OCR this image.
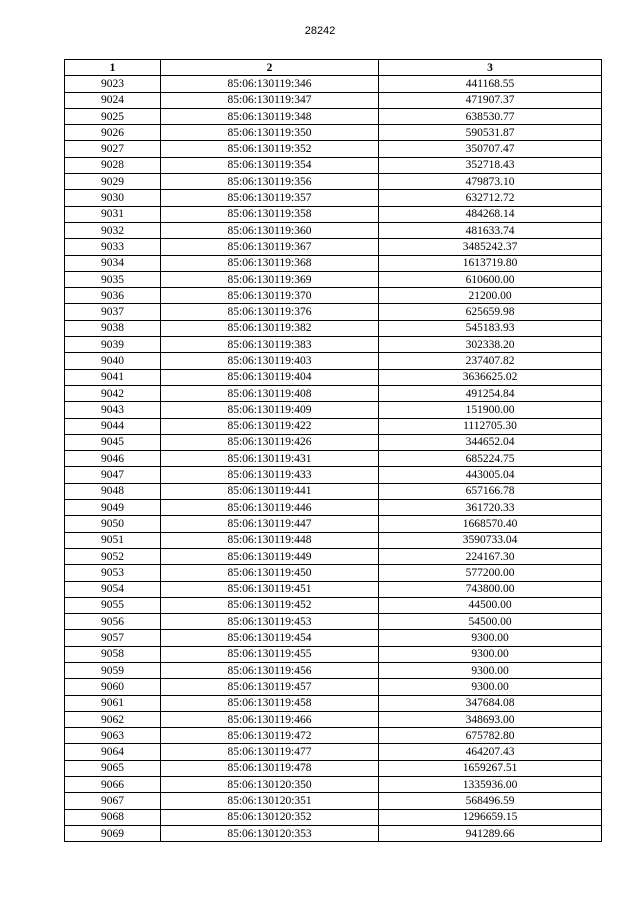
28242
1	2	3
9023	85:06:130119:346	441168.55
9024	85:06:130119:347	471907.37
9025	85:06:130119:348	638530.77
9026	85:06:130119:350	590531.87
9027	85:06:130119:352	350707.47
9028	85:06:130119:354	352718.43
9029	85:06:130119:356	479873.10
9030	85:06:130119:357	632712.72
9031	85:06:130119:358	484268.14
9032	85:06:130119:360	481633.74
9033	85:06:130119:367	3485242.37
9034	85:06:130119:368	1613719.80
9035	85:06:130119:369	610600.00
9036	85:06:130119:370	21200.00
9037	85:06:130119:376	625659.98
9038	85:06:130119:382	545183.93
9039	85:06:130119:383	302338.20
9040	85:06:130119:403	237407.82
9041	85:06:130119:404	3636625.02
9042	85:06:130119:408	491254.84
9043	85:06:130119:409	151900.00
9044	85:06:130119:422	1112705.30
9045	85:06:130119:426	344652.04
9046	85:06:130119:431	685224.75
9047	85:06:130119:433	443005.04
9048	85:06:130119:441	657166.78
9049	85:06:130119:446	361720.33
9050	85:06:130119:447	1668570.40
9051	85:06:130119:448	3590733.04
9052	85:06:130119:449	224167.30
9053	85:06:130119:450	577200.00
9054	85:06:130119:451	743800.00
9055	85:06:130119:452	44500.00
9056	85:06:130119:453	54500.00
9057	85:06:130119:454	9300.00
9058	85:06:130119:455	9300.00
9059	85:06:130119:456	9300.00
9060	85:06:130119:457	9300.00
9061	85:06:130119:458	347684.08
9062	85:06:130119:466	348693.00
9063	85:06:130119:472	675782.80
9064	85:06:130119:477	464207.43
9065	85:06:130119:478	1659267.51
9066	85:06:130120:350	1335936.00
9067	85:06:130120:351	568496.59
9068	85:06:130120:352	1296659.15
9069	85:06:130120:353	941289.66
